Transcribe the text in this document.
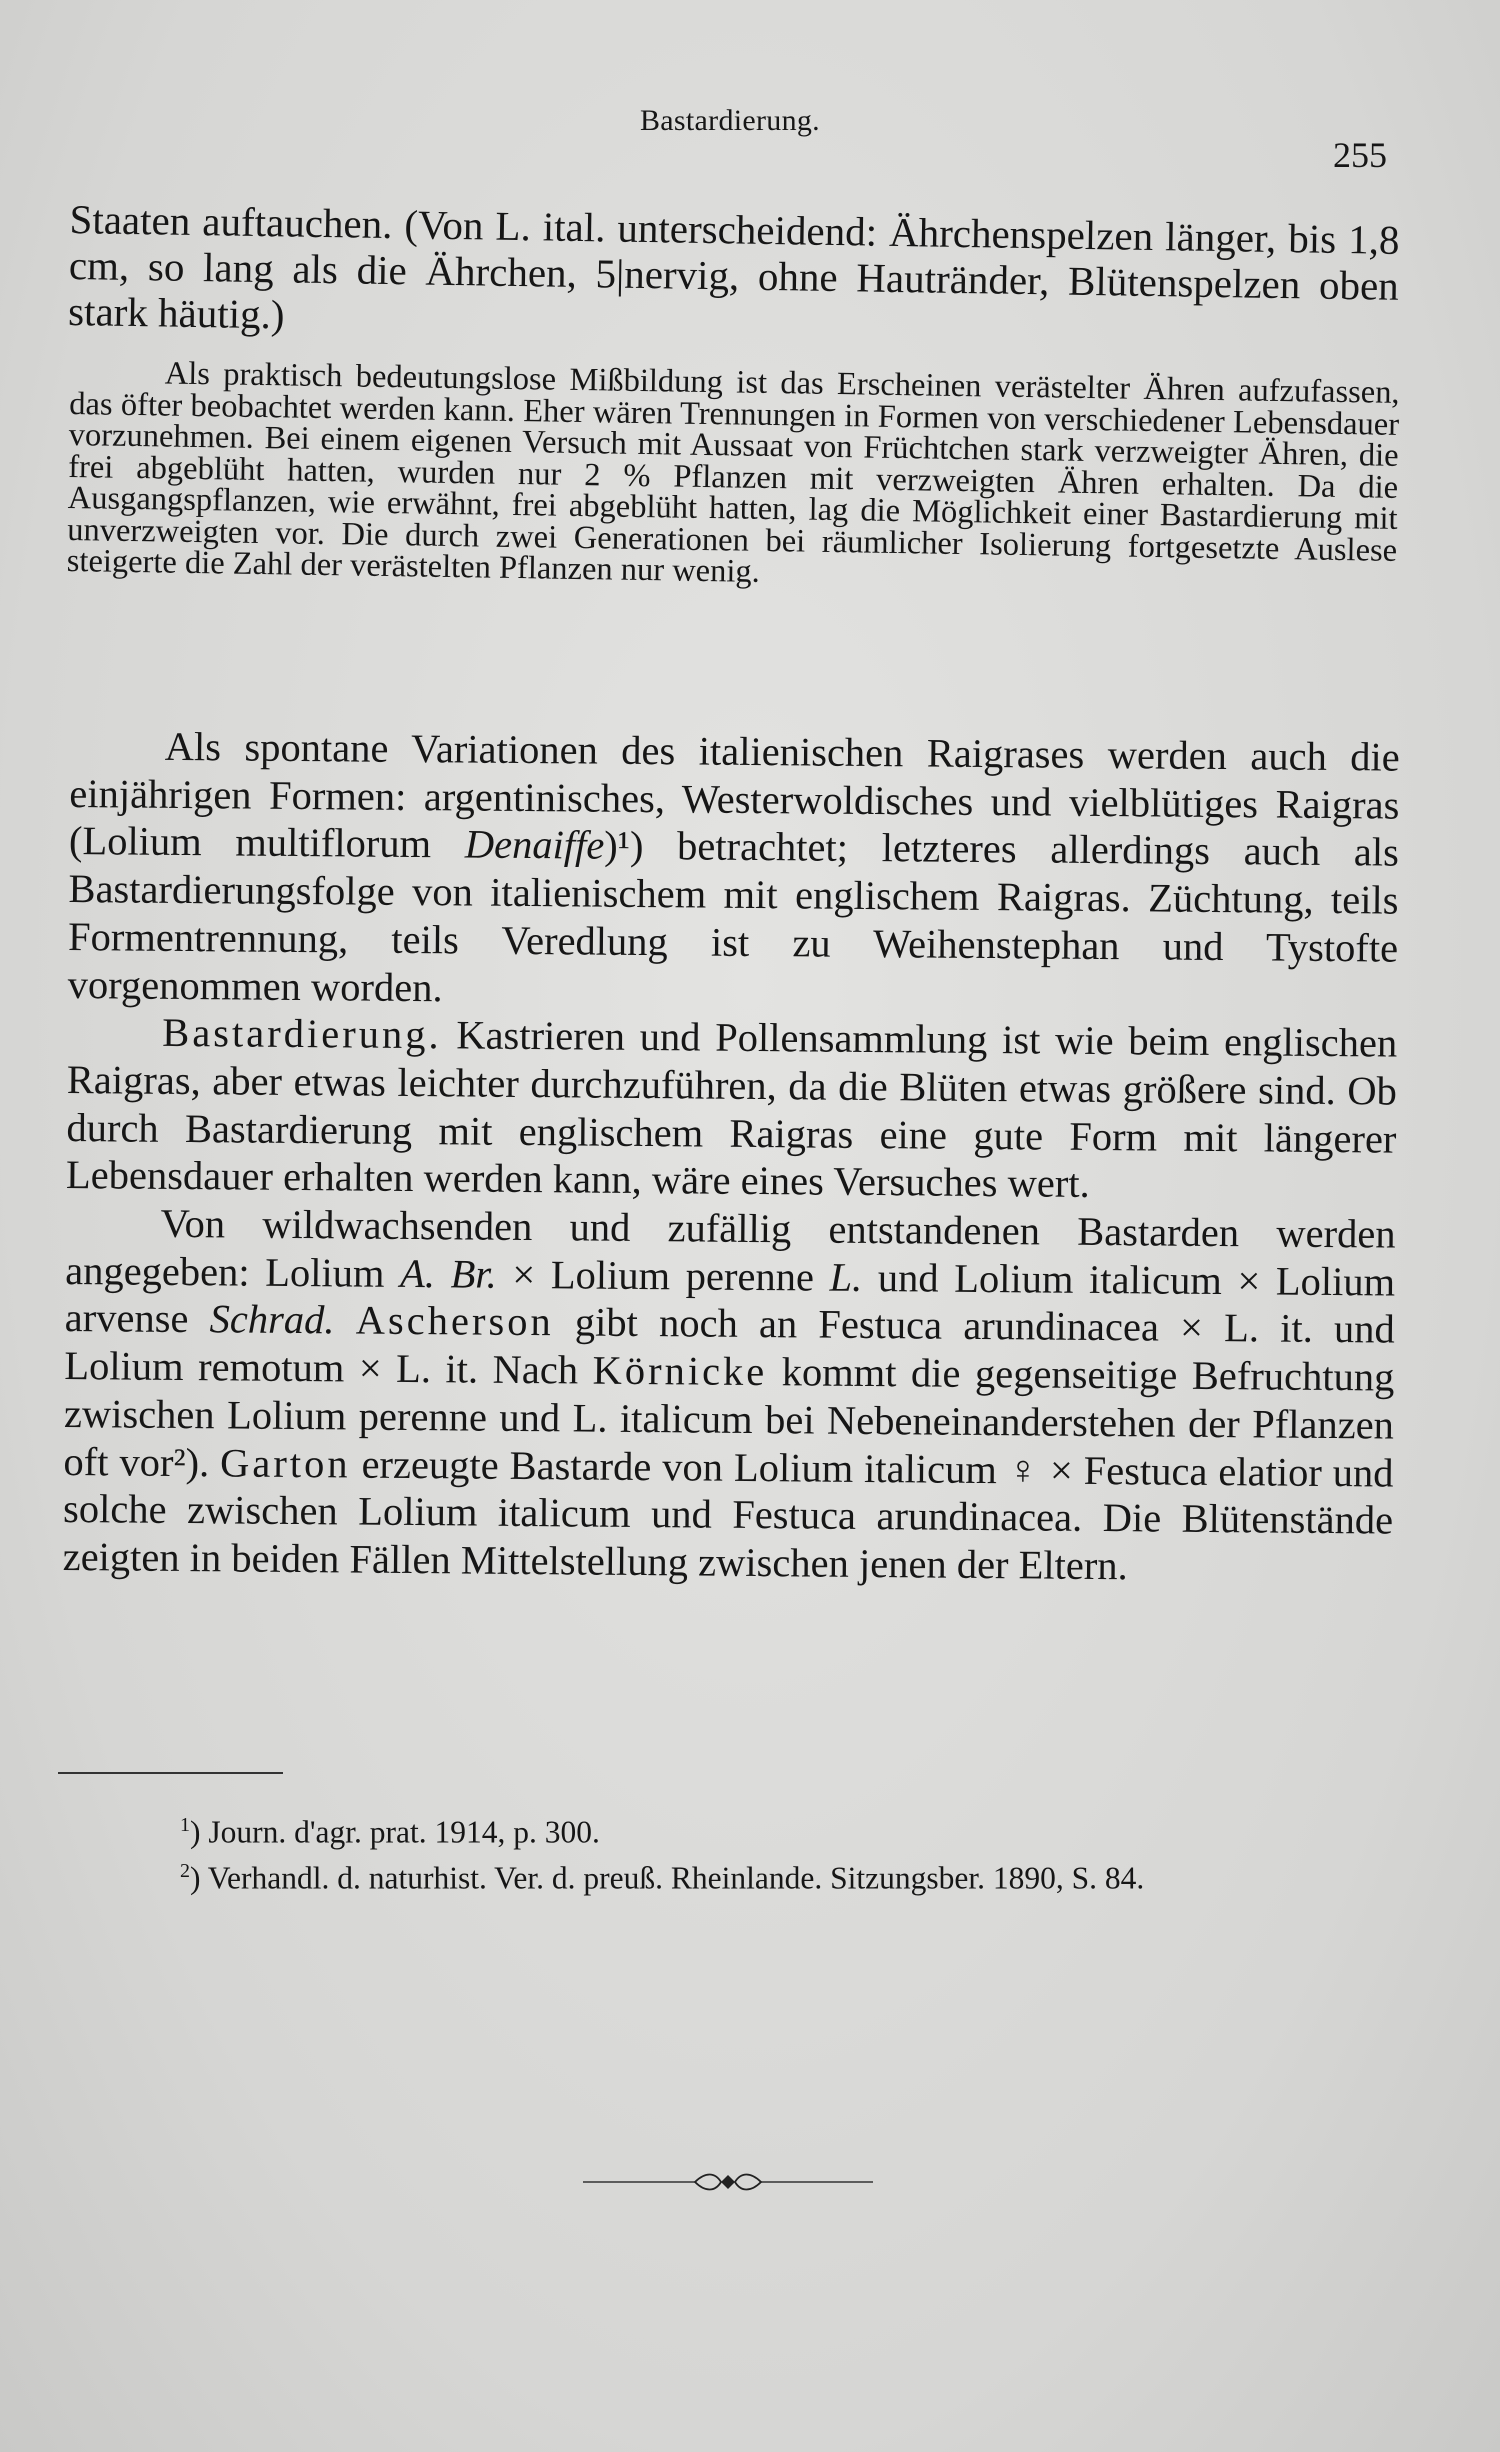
Bastardierung.
255

Staaten auftauchen. (Von L. ital. unterscheidend: Ährchenspelzen länger, bis 1,8 cm, so lang als die Ährchen, 5|nervig, ohne Hautränder, Blütenspelzen oben stark häutig.)

Als praktisch bedeutungslose Mißbildung ist das Erscheinen verästelter Ähren aufzufassen, das öfter beobachtet werden kann. Eher wären Trennungen in Formen von verschiedener Lebensdauer vorzunehmen. Bei einem eigenen Versuch mit Aussaat von Früchtchen stark verzweigter Ähren, die frei abgeblüht hatten, wurden nur 2 % Pflanzen mit verzweigten Ähren erhalten. Da die Ausgangspflanzen, wie erwähnt, frei abgeblüht hatten, lag die Möglichkeit einer Bastardierung mit unverzweigten vor. Die durch zwei Generationen bei räumlicher Isolierung fortgesetzte Auslese steigerte die Zahl der verästelten Pflanzen nur wenig.

Als spontane Variationen des italienischen Raigrases werden auch die einjährigen Formen: argentinisches, Westerwoldisches und vielblütiges Raigras (Lolium multiflorum Denaiffe)¹) betrachtet; letzteres allerdings auch als Bastardierungsfolge von italienischem mit englischem Raigras. Züchtung, teils Formentrennung, teils Veredlung ist zu Weihenstephan und Tystofte vorgenommen worden.

Bastardierung. Kastrieren und Pollensammlung ist wie beim englischen Raigras, aber etwas leichter durchzuführen, da die Blüten etwas größere sind. Ob durch Bastardierung mit englischem Raigras eine gute Form mit längerer Lebensdauer erhalten werden kann, wäre eines Versuches wert.

Von wildwachsenden und zufällig entstandenen Bastarden werden angegeben: Lolium A. Br. × Lolium perenne L. und Lolium italicum × Lolium arvense Schrad. Ascherson gibt noch an Festuca arundinacea × L. it. und Lolium remotum × L. it. Nach Körnicke kommt die gegenseitige Befruchtung zwischen Lolium perenne und L. italicum bei Nebeneinanderstehen der Pflanzen oft vor²). Garton erzeugte Bastarde von Lolium italicum ♀ × Festuca elatior und solche zwischen Lolium italicum und Festuca arundinacea. Die Blütenstände zeigten in beiden Fällen Mittelstellung zwischen jenen der Eltern.

$^1$) Journ. d'agr. prat. 1914, p. 300.
$^2$) Verhandl. d. naturhist. Ver. d. preuß. Rheinlande. Sitzungsber. 1890, S. 84.
